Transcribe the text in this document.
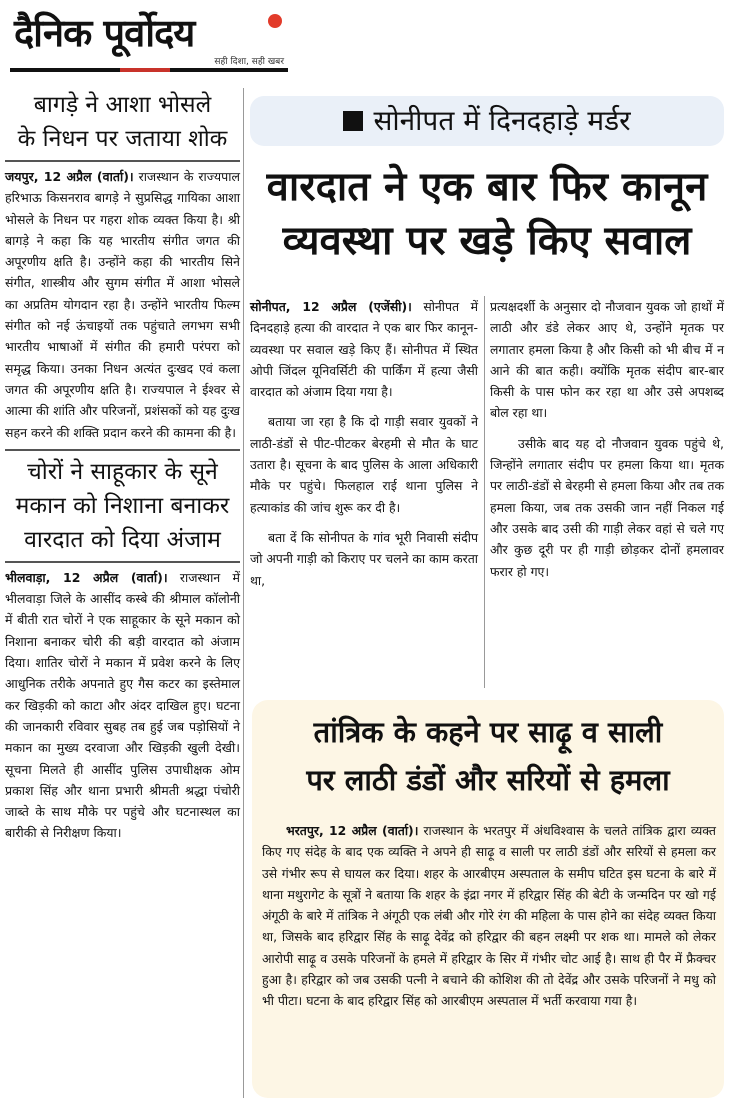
दैनिक पूर्वोदय
सही दिशा, सही खबर
बागड़े ने आशा भोसले
के निधन पर जताया शोक

जयपुर, 12 अप्रैल (वार्ता)। राजस्थान के राज्यपाल हरिभाऊ किसनराव बागड़े ने सुप्रसिद्ध गायिका आशा भोसले के निधन पर गहरा शोक व्यक्त किया है। श्री बागड़े ने कहा कि यह भारतीय संगीत जगत की अपूरणीय क्षति है। उन्होंने कहा की भारतीय सिने संगीत, शास्त्रीय और सुगम संगीत में आशा भोसले का अप्रतिम योगदान रहा है। उन्होंने भारतीय फिल्म संगीत को नई ऊंचाइयों तक पहुंचाते लगभग सभी भारतीय भाषाओं में संगीत की हमारी परंपरा को समृद्ध किया। उनका निधन अत्यंत दुःखद एवं कला जगत की अपूरणीय क्षति है। राज्यपाल ने ईश्वर से आत्मा की शांति और परिजनों, प्रशंसकों को यह दुःख सहन करने की शक्ति प्रदान करने की कामना की है।

चोरों ने साहूकार के सूने
मकान को निशाना बनाकर
वारदात को दिया अंजाम

भीलवाड़ा, 12 अप्रैल (वार्ता)। राजस्थान में भीलवाड़ा जिले के आसींद कस्बे की श्रीमाल कॉलोनी में बीती रात चोरों ने एक साहूकार के सूने मकान को निशाना बनाकर चोरी की बड़ी वारदात को अंजाम दिया। शातिर चोरों ने मकान में प्रवेश करने के लिए आधुनिक तरीके अपनाते हुए गैस कटर का इस्तेमाल कर खिड़की को काटा और अंदर दाखिल हुए। घटना की जानकारी रविवार सुबह तब हुई जब पड़ोसियों ने मकान का मुख्य दरवाजा और खिड़की खुली देखी। सूचना मिलते ही आसींद पुलिस उपाधीक्षक ओम प्रकाश सिंह और थाना प्रभारी श्रीमती श्रद्धा पंचोरी जाब्ते के साथ मौके पर पहुंचे और घटनास्थल का बारीकी से निरीक्षण किया।

सोनीपत में दिनदहाड़े मर्डर
वारदात ने एक बार फिर कानून
व्यवस्था पर खड़े किए सवाल

सोनीपत, 12 अप्रैल (एजेंसी)। सोनीपत में दिनदहाड़े हत्या की वारदात ने एक बार फिर कानून-व्यवस्था पर सवाल खड़े किए हैं। सोनीपत में स्थित ओपी जिंदल यूनिवर्सिटी की पार्किंग में हत्या जैसी वारदात को अंजाम दिया गया है।

बताया जा रहा है कि दो गाड़ी सवार युवकों ने लाठी-डंडों से पीट-पीटकर बेरहमी से मौत के घाट उतारा है। सूचना के बाद पुलिस के आला अधिकारी मौके पर पहुंचे। फिलहाल राई थाना पुलिस ने हत्याकांड की जांच शुरू कर दी है।

बता दें कि सोनीपत के गांव भूरी निवासी संदीप जो अपनी गाड़ी को किराए पर चलने का काम करता था,

प्रत्यक्षदर्शी के अनुसार दो नौजवान युवक जो हाथों में लाठी और डंडे लेकर आए थे, उन्होंने मृतक पर लगातार हमला किया है और किसी को भी बीच में न आने की बात कही। क्योंकि मृतक संदीप बार-बार किसी के पास फोन कर रहा था और उसे अपशब्द बोल रहा था।

उसीके बाद यह दो नौजवान युवक पहुंचे थे, जिन्होंने लगातार संदीप पर हमला किया था। मृतक पर लाठी-डंडों से बेरहमी से हमला किया और तब तक हमला किया, जब तक उसकी जान नहीं निकल गई और उसके बाद उसी की गाड़ी लेकर वहां से चले गए और कुछ दूरी पर ही गाड़ी छोड़कर दोनों हमलावर फरार हो गए।

तांत्रिक के कहने पर साढ़ू व साली
पर लाठी डंडों और सरियों से हमला

भरतपुर, 12 अप्रैल (वार्ता)। राजस्थान के भरतपुर में अंधविश्वास के चलते तांत्रिक द्वारा व्यक्त किए गए संदेह के बाद एक व्यक्ति ने अपने ही साढ़ू व साली पर लाठी डंडों और सरियों से हमला कर उसे गंभीर रूप से घायल कर दिया। शहर के आरबीएम अस्पताल के समीप घटित इस घटना के बारे में थाना मथुरागेट के सूत्रों ने बताया कि शहर के इंद्रा नगर में हरिद्वार सिंह की बेटी के जन्मदिन पर खो गई अंगूठी के बारे में तांत्रिक ने अंगूठी एक लंबी और गोरे रंग की महिला के पास होने का संदेह व्यक्त किया था, जिसके बाद हरिद्वार सिंह के साढ़ू देवेंद्र को हरिद्वार की बहन लक्ष्मी पर शक था। मामले को लेकर आरोपी साढ़ू व उसके परिजनों के हमले में हरिद्वार के सिर में गंभीर चोट आई है। साथ ही पैर में फ्रैक्चर हुआ है। हरिद्वार को जब उसकी पत्नी ने बचाने की कोशिश की तो देवेंद्र और उसके परिजनों ने मधु को भी पीटा। घटना के बाद हरिद्वार सिंह को आरबीएम अस्पताल में भर्ती करवाया गया है।
